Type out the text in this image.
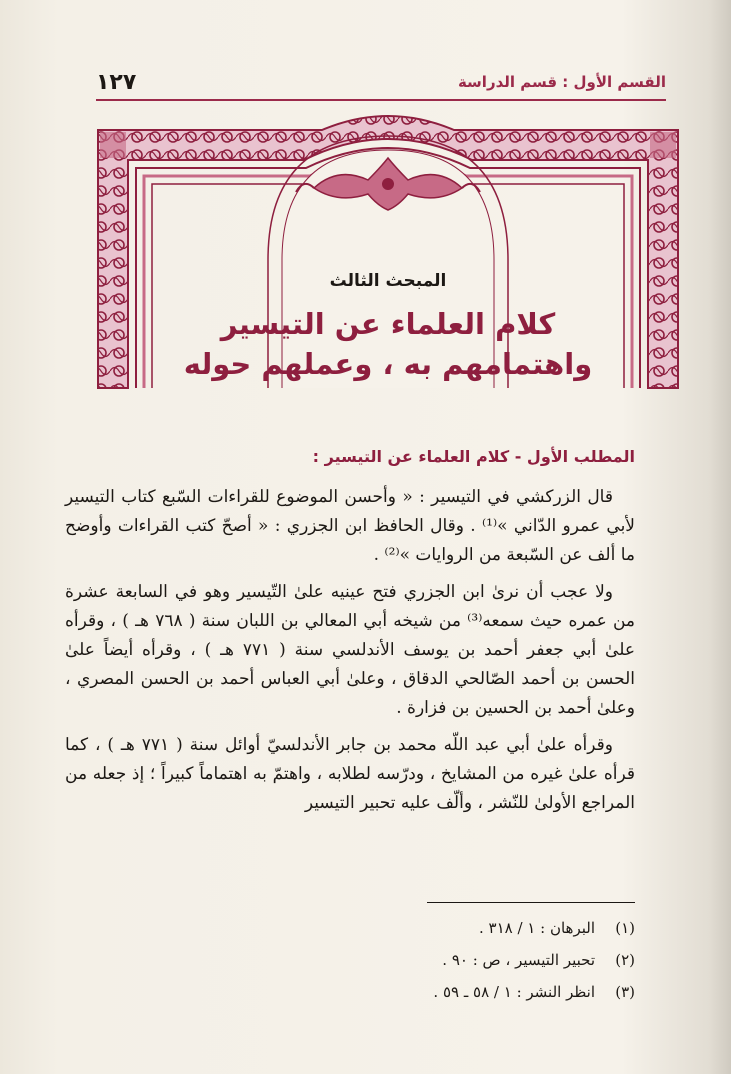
القسم الأول : قسم الدراسة
١٢٧
المبحث الثالث
كلام العلماء عن التيسير
واهتمامهم به ، وعملهم حوله
المطلب الأول - كلام العلماء عن التيسير :

قال الزركشي في التيسير : « وأحسن الموضوع للقراءات السّبع كتاب التيسير لأبي عمرو الدّاني »⁽¹⁾ . وقال الحافظ ابن الجزري : « أصحّ كتب القراءات وأوضح ما ألف عن السّبعة من الروايات »⁽²⁾ .

ولا عجب أن نرىٰ ابن الجزري فتح عينيه علىٰ التّيسير وهو في السابعة عشرة من عمره حيث سمعه⁽³⁾ من شيخه أبي المعالي بن اللبان سنة ( ٧٦٨ هـ ) ، وقرأه علىٰ أبي جعفر أحمد بن يوسف الأندلسي سنة ( ٧٧١ هـ ) ، وقرأه أيضاً علىٰ الحسن بن أحمد الصّالحي الدقاق ، وعلىٰ أبي العباس أحمد بن الحسن المصري ، وعلىٰ أحمد بن الحسين بن فزارة .

وقرأه علىٰ أبي عبد اللّه محمد بن جابر الأندلسيّ أوائل سنة ( ٧٧١ هـ ) ، كما قرأه علىٰ غيره من المشايخ ، ودرّسه لطلابه ، واهتمّ به اهتماماً كبيراً ؛ إذ جعله من المراجع الأولىٰ للنّشر ، وألّف عليه تحبير التيسير

(١)
البرهان : ١ / ٣١٨ .
(٢)
تحبير التيسير ، ص : ٩٠ .
(٣)
انظر النشر : ١ / ٥٨ ـ ٥٩ .
